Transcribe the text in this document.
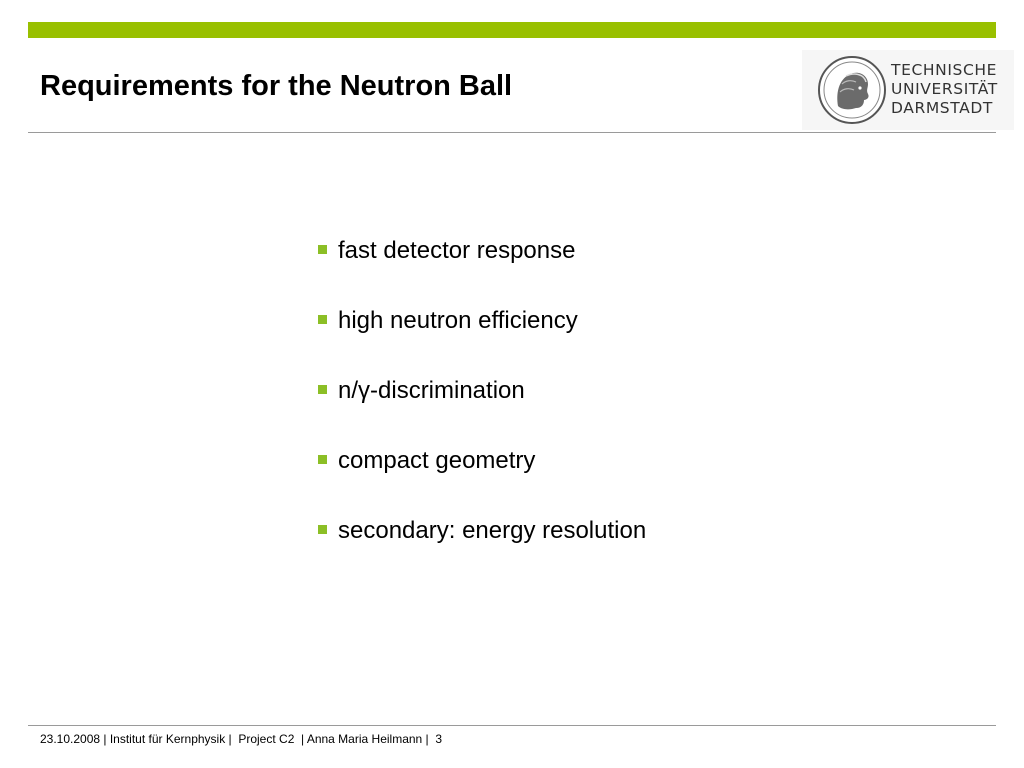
Requirements for the Neutron Ball	TECHNISCHE
UNIVERSITÄT
DARMSTADT
fast detector response
high neutron efficiency
n/γ-discrimination
compact geometry
secondary: energy resolution
23.10.2008 | Institut für Kernphysik |  Project C2  | Anna Maria Heilmann |  3
